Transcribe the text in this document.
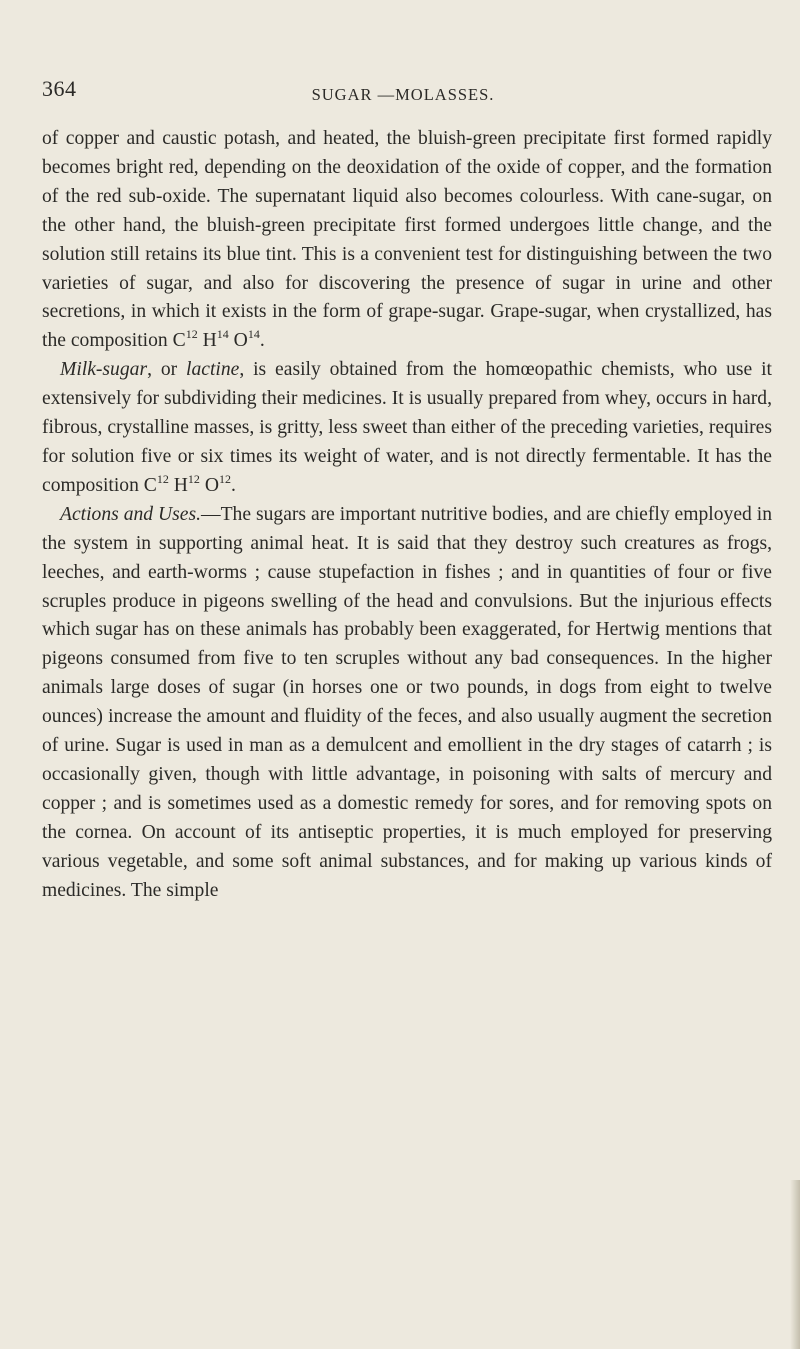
364	SUGAR —MOLASSES.

of copper and caustic potash, and heated, the bluish-green precipitate first formed rapidly becomes bright red, depending on the deoxidation of the oxide of copper, and the formation of the red sub-oxide. The supernatant liquid also becomes colourless. With cane-sugar, on the other hand, the bluish-green precipitate first formed undergoes little change, and the solution still retains its blue tint. This is a convenient test for distinguishing between the two varieties of sugar, and also for discovering the presence of sugar in urine and other secretions, in which it exists in the form of grape-sugar. Grape-sugar, when crystallized, has the composition $C^{12}$ $H^{14}$ $O^{14}$.

Milk-sugar, or lactine, is easily obtained from the homœopathic chemists, who use it extensively for subdividing their medicines. It is usually prepared from whey, occurs in hard, fibrous, crystalline masses, is gritty, less sweet than either of the preceding varieties, requires for solution five or six times its weight of water, and is not directly fermentable. It has the composition $C^{12}$ $H^{12}$ $O^{12}$.

Actions and Uses.—The sugars are important nutritive bodies, and are chiefly employed in the system in supporting animal heat. It is said that they destroy such creatures as frogs, leeches, and earth-worms ; cause stupefaction in fishes ; and in quantities of four or five scruples produce in pigeons swelling of the head and convulsions. But the injurious effects which sugar has on these animals has probably been exaggerated, for Hertwig mentions that pigeons consumed from five to ten scruples without any bad consequences. In the higher animals large doses of sugar (in horses one or two pounds, in dogs from eight to twelve ounces) increase the amount and fluidity of the feces, and also usually augment the secretion of urine. Sugar is used in man as a demulcent and emollient in the dry stages of catarrh ; is occasionally given, though with little advantage, in poisoning with salts of mercury and copper ; and is sometimes used as a domestic remedy for sores, and for removing spots on the cornea. On account of its antiseptic properties, it is much employed for preserving various vegetable, and some soft animal substances, and for making up various kinds of medicines. The simple
